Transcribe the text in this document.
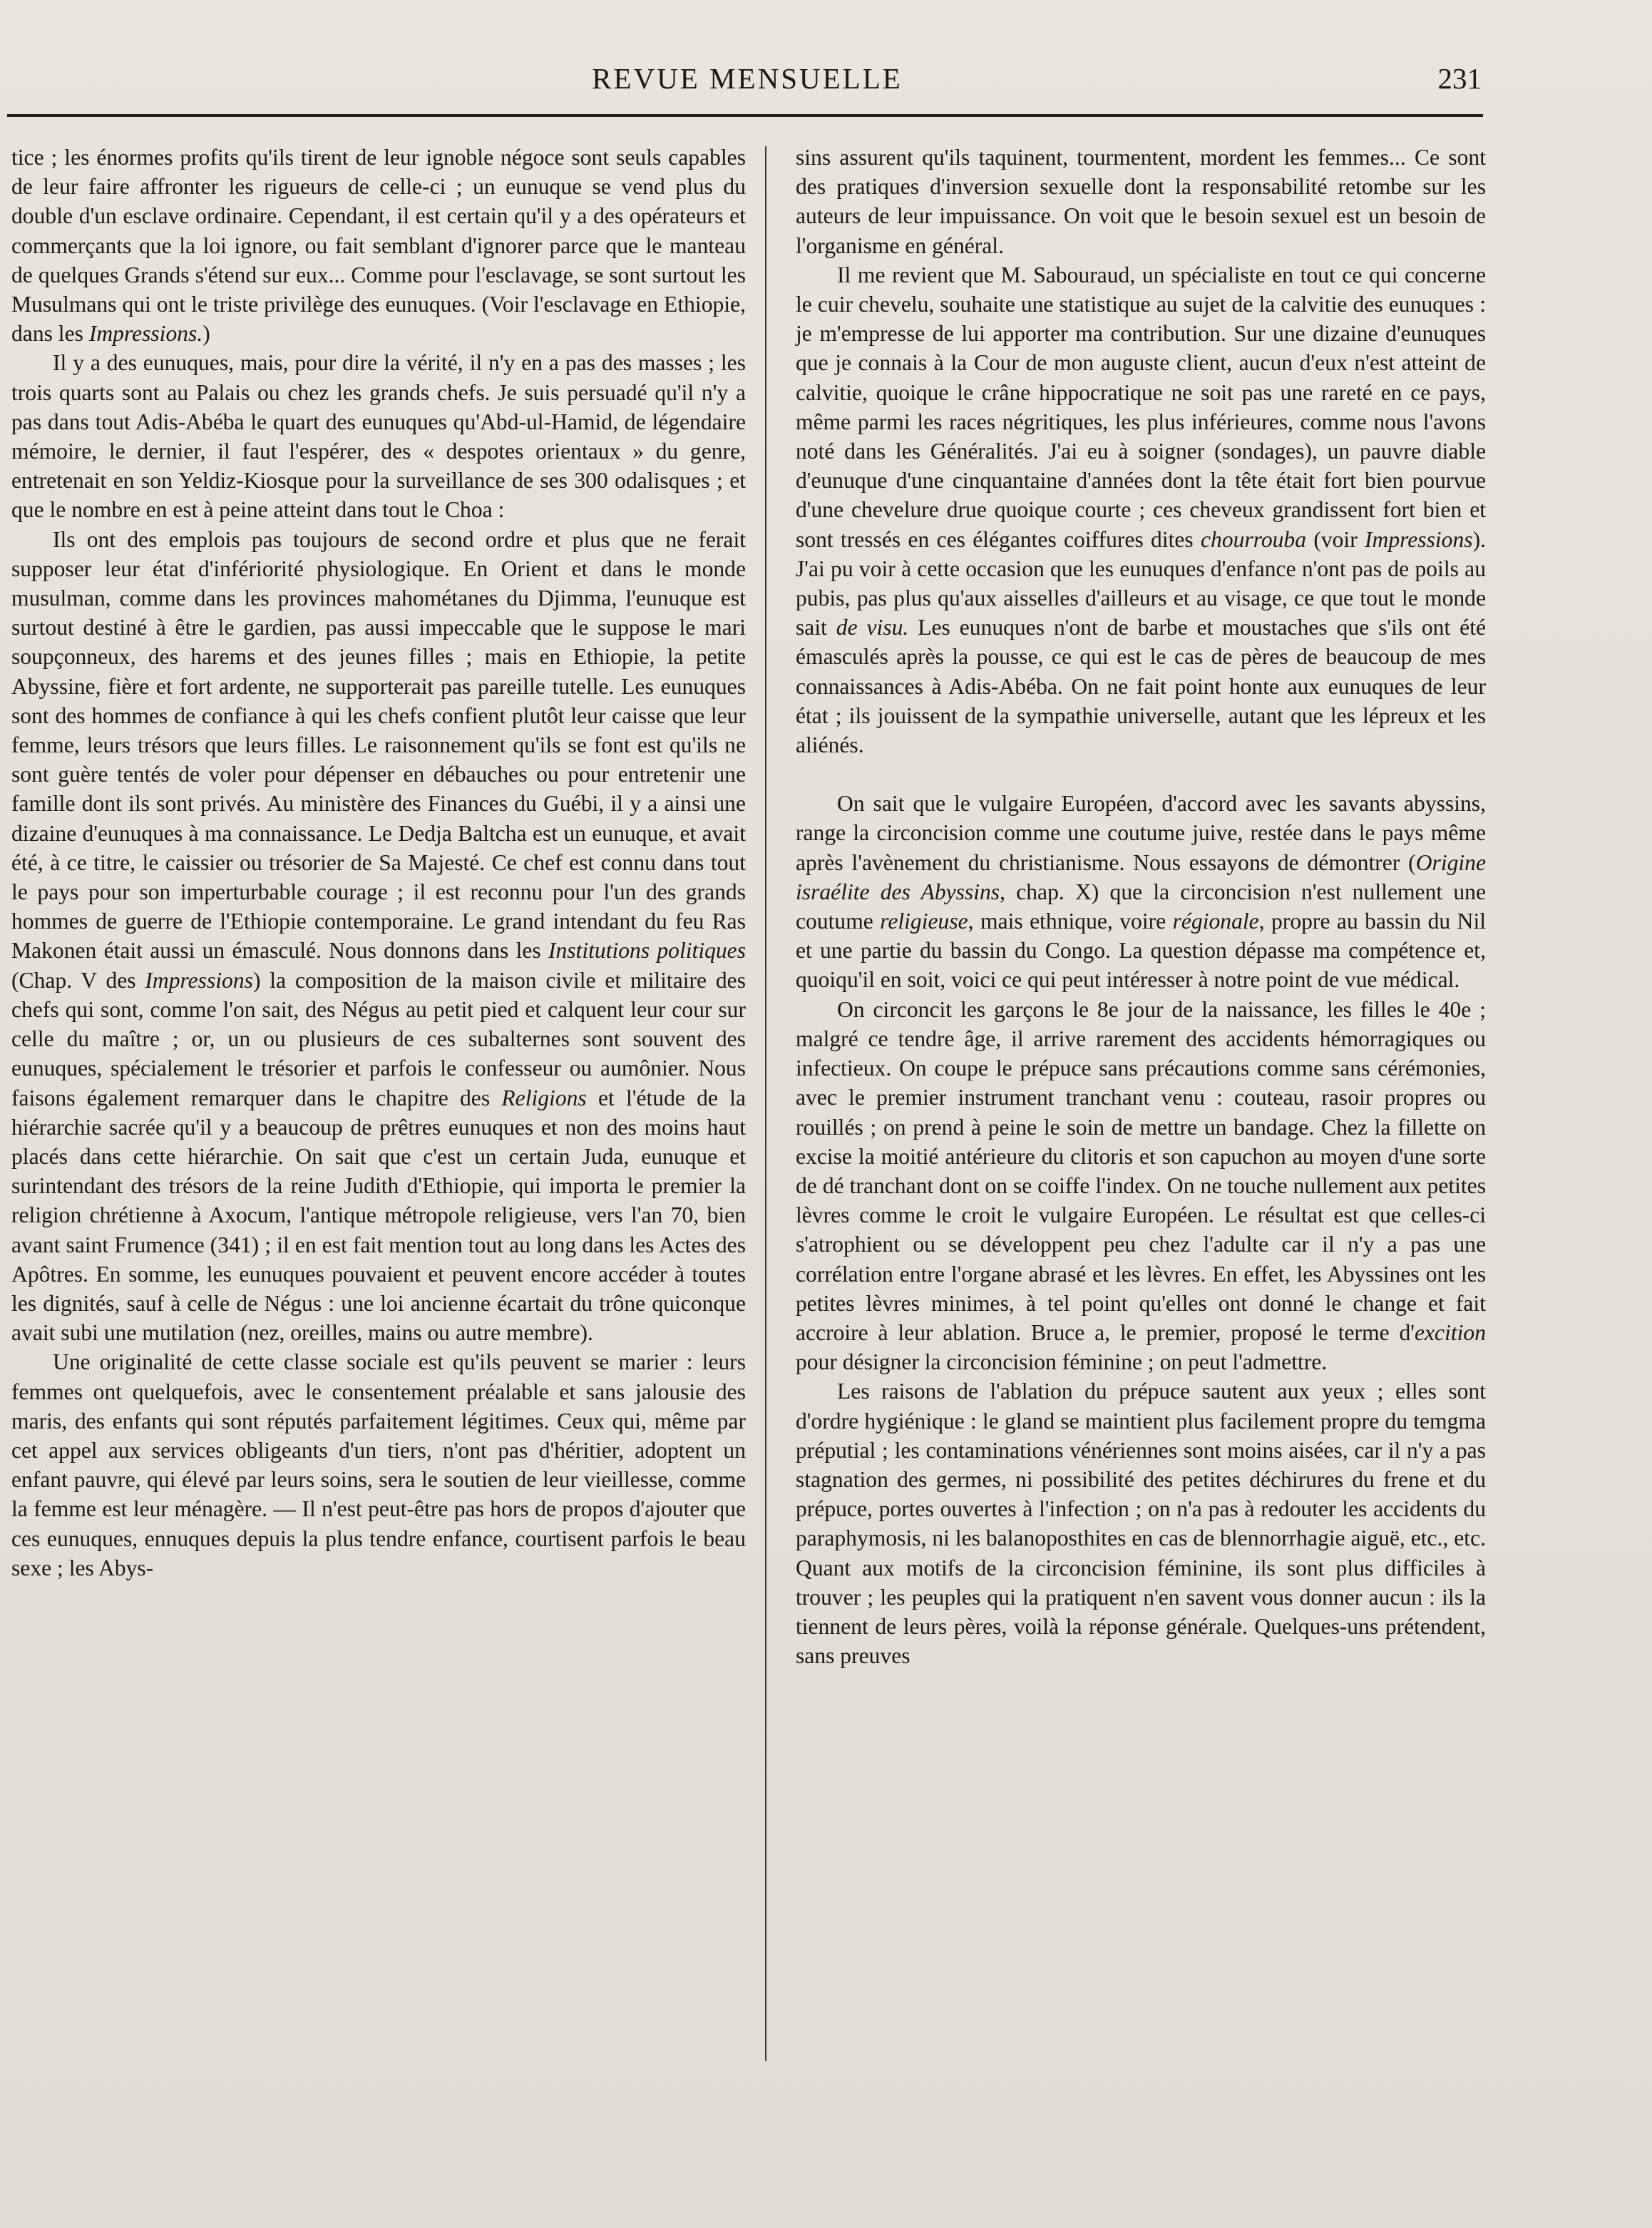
REVUE MENSUELLE	231

tice ; les énormes profits qu'ils tirent de leur ignoble négoce sont seuls capables de leur faire affronter les rigueurs de celle-ci ; un eunuque se vend plus du double d'un esclave ordinaire. Cependant, il est certain qu'il y a des opérateurs et commerçants que la loi ignore, ou fait semblant d'ignorer parce que le manteau de quelques Grands s'étend sur eux... Comme pour l'esclavage, se sont surtout les Musulmans qui ont le triste privilège des eunuques. (Voir l'esclavage en Ethiopie, dans les Impressions.)

Il y a des eunuques, mais, pour dire la vérité, il n'y en a pas des masses ; les trois quarts sont au Palais ou chez les grands chefs. Je suis persuadé qu'il n'y a pas dans tout Adis-Abéba le quart des eunuques qu'Abd-ul-Hamid, de légendaire mémoire, le dernier, il faut l'espérer, des « despotes orientaux » du genre, entretenait en son Yeldiz-Kiosque pour la surveillance de ses 300 odalisques ; et que le nombre en est à peine atteint dans tout le Choa :

Ils ont des emplois pas toujours de second ordre et plus que ne ferait supposer leur état d'infériorité physiologique. En Orient et dans le monde musulman, comme dans les provinces mahométanes du Djimma, l'eunuque est surtout destiné à être le gardien, pas aussi impeccable que le suppose le mari soupçonneux, des harems et des jeunes filles ; mais en Ethiopie, la petite Abyssine, fière et fort ardente, ne supporterait pas pareille tutelle. Les eunuques sont des hommes de confiance à qui les chefs confient plutôt leur caisse que leur femme, leurs trésors que leurs filles. Le raisonnement qu'ils se font est qu'ils ne sont guère tentés de voler pour dépenser en débauches ou pour entretenir une famille dont ils sont privés. Au ministère des Finances du Guébi, il y a ainsi une dizaine d'eunuques à ma connaissance. Le Dedja Baltcha est un eunuque, et avait été, à ce titre, le caissier ou trésorier de Sa Majesté. Ce chef est connu dans tout le pays pour son imperturbable courage ; il est reconnu pour l'un des grands hommes de guerre de l'Ethiopie contemporaine. Le grand intendant du feu Ras Makonen était aussi un émasculé. Nous donnons dans les Institutions politiques (Chap. V des Impressions) la composition de la maison civile et militaire des chefs qui sont, comme l'on sait, des Négus au petit pied et calquent leur cour sur celle du maître ; or, un ou plusieurs de ces subalternes sont souvent des eunuques, spécialement le trésorier et parfois le confesseur ou aumônier. Nous faisons également remarquer dans le chapitre des Religions et l'étude de la hiérarchie sacrée qu'il y a beaucoup de prêtres eunuques et non des moins haut placés dans cette hiérarchie. On sait que c'est un certain Juda, eunuque et surintendant des trésors de la reine Judith d'Ethiopie, qui importa le premier la religion chrétienne à Axocum, l'antique métropole religieuse, vers l'an 70, bien avant saint Frumence (341) ; il en est fait mention tout au long dans les Actes des Apôtres. En somme, les eunuques pouvaient et peuvent encore accéder à toutes les dignités, sauf à celle de Négus : une loi ancienne écartait du trône quiconque avait subi une mutilation (nez, oreilles, mains ou autre membre).

Une originalité de cette classe sociale est qu'ils peuvent se marier : leurs femmes ont quelquefois, avec le consentement préalable et sans jalousie des maris, des enfants qui sont réputés parfaitement légitimes. Ceux qui, même par cet appel aux services obligeants d'un tiers, n'ont pas d'héritier, adoptent un enfant pauvre, qui élevé par leurs soins, sera le soutien de leur vieillesse, comme la femme est leur ménagère. — Il n'est peut-être pas hors de propos d'ajouter que ces eunuques, ennuques depuis la plus tendre enfance, courtisent parfois le beau sexe ; les Abys-

sins assurent qu'ils taquinent, tourmentent, mordent les femmes... Ce sont des pratiques d'inversion sexuelle dont la responsabilité retombe sur les auteurs de leur impuissance. On voit que le besoin sexuel est un besoin de l'organisme en général.

Il me revient que M. Sabouraud, un spécialiste en tout ce qui concerne le cuir chevelu, souhaite une statistique au sujet de la calvitie des eunuques : je m'empresse de lui apporter ma contribution. Sur une dizaine d'eunuques que je connais à la Cour de mon auguste client, aucun d'eux n'est atteint de calvitie, quoique le crâne hippocratique ne soit pas une rareté en ce pays, même parmi les races négritiques, les plus inférieures, comme nous l'avons noté dans les Généralités. J'ai eu à soigner (sondages), un pauvre diable d'eunuque d'une cinquantaine d'années dont la tête était fort bien pourvue d'une chevelure drue quoique courte ; ces cheveux grandissent fort bien et sont tressés en ces élégantes coiffures dites chourrouba (voir Impressions). J'ai pu voir à cette occasion que les eunuques d'enfance n'ont pas de poils au pubis, pas plus qu'aux aisselles d'ailleurs et au visage, ce que tout le monde sait de visu. Les eunuques n'ont de barbe et moustaches que s'ils ont été émasculés après la pousse, ce qui est le cas de pères de beaucoup de mes connaissances à Adis-Abéba. On ne fait point honte aux eunuques de leur état ; ils jouissent de la sympathie universelle, autant que les lépreux et les aliénés.

On sait que le vulgaire Européen, d'accord avec les savants abyssins, range la circoncision comme une coutume juive, restée dans le pays même après l'avènement du christianisme. Nous essayons de démontrer (Origine israélite des Abyssins, chap. X) que la circoncision n'est nullement une coutume religieuse, mais ethnique, voire régionale, propre au bassin du Nil et une partie du bassin du Congo. La question dépasse ma compétence et, quoiqu'il en soit, voici ce qui peut intéresser à notre point de vue médical.

On circoncit les garçons le 8e jour de la naissance, les filles le 40e ; malgré ce tendre âge, il arrive rarement des accidents hémorragiques ou infectieux. On coupe le prépuce sans précautions comme sans cérémonies, avec le premier instrument tranchant venu : couteau, rasoir propres ou rouillés ; on prend à peine le soin de mettre un bandage. Chez la fillette on excise la moitié antérieure du clitoris et son capuchon au moyen d'une sorte de dé tranchant dont on se coiffe l'index. On ne touche nullement aux petites lèvres comme le croit le vulgaire Européen. Le résultat est que celles-ci s'atrophient ou se développent peu chez l'adulte car il n'y a pas une corrélation entre l'organe abrasé et les lèvres. En effet, les Abyssines ont les petites lèvres minimes, à tel point qu'elles ont donné le change et fait accroire à leur ablation. Bruce a, le premier, proposé le terme d'excition pour désigner la circoncision féminine ; on peut l'admettre.

Les raisons de l'ablation du prépuce sautent aux yeux ; elles sont d'ordre hygiénique : le gland se maintient plus facilement propre du temgma préputial ; les contaminations vénériennes sont moins aisées, car il n'y a pas stagnation des germes, ni possibilité des petites déchirures du frene et du prépuce, portes ouvertes à l'infection ; on n'a pas à redouter les accidents du paraphymosis, ni les balanoposthites en cas de blennorrhagie aiguë, etc., etc. Quant aux motifs de la circoncision féminine, ils sont plus difficiles à trouver ; les peuples qui la pratiquent n'en savent vous donner aucun : ils la tiennent de leurs pères, voilà la réponse générale. Quelques-uns prétendent, sans preuves
